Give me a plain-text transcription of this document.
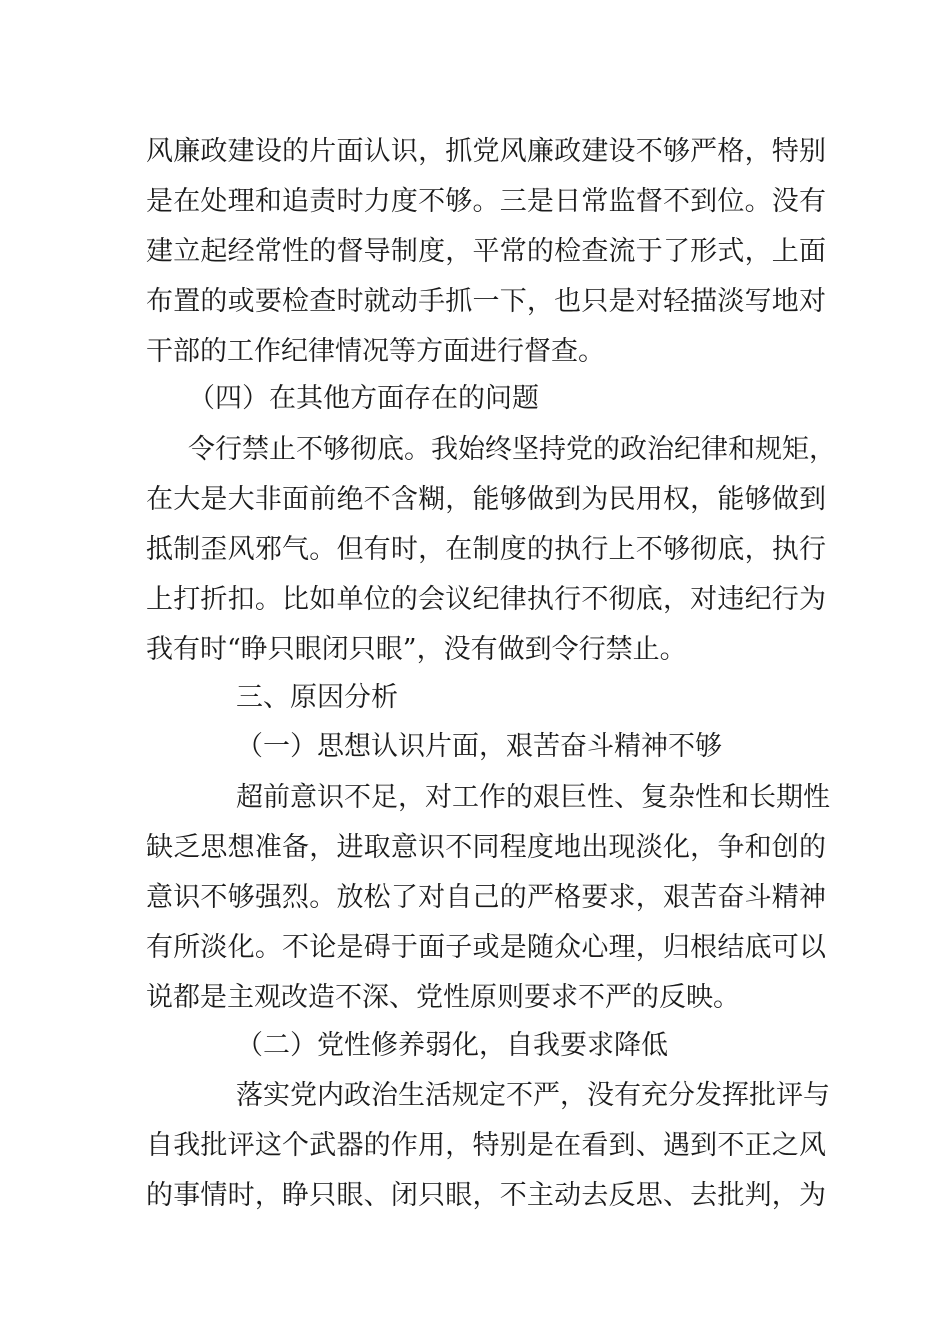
风廉政建设的片面认识，抓党风廉政建设不够严格，特别
是在处理和追责时力度不够。三是日常监督不到位。没有
建立起经常性的督导制度，平常的检查流于了形式，上面
布置的或要检查时就动手抓一下，也只是对轻描淡写地对
干部的工作纪律情况等方面进行督查。
（四）在其他方面存在的问题
令行禁止不够彻底。我始终坚持党的政治纪律和规矩，
在大是大非面前绝不含糊，能够做到为民用权，能够做到
抵制歪风邪气。但有时，在制度的执行上不够彻底，执行
上打折扣。比如单位的会议纪律执行不彻底，对违纪行为
我有时“睁只眼闭只眼”，没有做到令行禁止。
三、原因分析
（一）思想认识片面，艰苦奋斗精神不够
超前意识不足，对工作的艰巨性、复杂性和长期性
缺乏思想准备，进取意识不同程度地出现淡化，争和创的
意识不够强烈。放松了对自己的严格要求，艰苦奋斗精神
有所淡化。不论是碍于面子或是随众心理，归根结底可以
说都是主观改造不深、党性原则要求不严的反映。
（二）党性修养弱化，自我要求降低
落实党内政治生活规定不严，没有充分发挥批评与
自我批评这个武器的作用，特别是在看到、遇到不正之风
的事情时，睁只眼、闭只眼，不主动去反思、去批判，为
